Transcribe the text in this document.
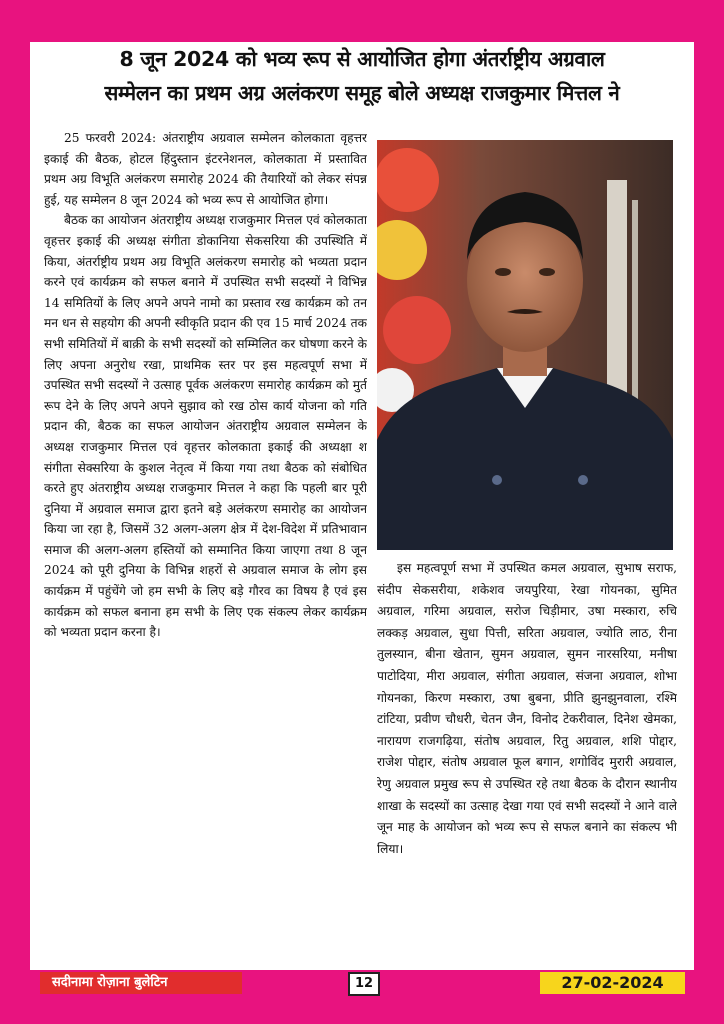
8 जून 2024 को भव्य रूप से आयोजित होगा अंतर्राष्ट्रीय अग्रवाल
सम्मेलन का प्रथम अग्र अलंकरण समूह बोले अध्यक्ष राजकुमार मित्तल ने

25 फरवरी 2024: अंतराष्ट्रीय अग्रवाल सम्मेलन कोलकाता वृहत्तर इकाई की बैठक, होटल हिंदुस्तान इंटरनेशनल, कोलकाता में प्रस्तावित प्रथम अग्र विभूति अलंकरण समारोह 2024 की तैयारियों को लेकर संपन्न हुई, यह सम्मेलन 8 जून 2024 को भव्य रूप से आयोजित होगा।

बैठक का आयोजन अंतराष्ट्रीय अध्यक्ष राजकुमार मित्तल एवं कोलकाता वृहत्तर इकाई की अध्यक्ष संगीता डोकानिया सेकसरिया की उपस्थिति में किया, अंतर्राष्ट्रीय प्रथम अग्र विभूति अलंकरण समारोह को भव्यता प्रदान करने एवं कार्यक्रम को सफल बनाने में उपस्थित सभी सदस्यों ने विभिन्न 14 समितियों के लिए अपने अपने नामो का प्रस्ताव रख कार्यक्रम को तन मन धन से सहयोग की अपनी स्वीकृति प्रदान की एव 15 मार्च 2024 तक सभी समितियों में बाक़ी के सभी सदस्यों को सम्मिलित कर घोषणा करने के लिए अपना अनुरोध रखा, प्राथमिक स्तर पर इस महत्वपूर्ण सभा में उपस्थित सभी सदस्यों ने उत्साह पूर्वक अलंकरण समारोह कार्यक्रम को मुर्त रूप देने के लिए अपने अपने सुझाव को रख ठोस कार्य योजना को गति प्रदान की, बैठक का सफल आयोजन अंतराष्ट्रीय अग्रवाल सम्मेलन के अध्यक्ष राजकुमार मित्तल एवं वृहत्तर कोलकाता इकाई की अध्यक्षा श संगीता सेक्सरिया के कुशल नेतृत्व में किया गया तथा बैठक को संबोधित करते हुए अंतराष्ट्रीय अध्यक्ष राजकुमार मित्तल ने कहा कि पहली बार पूरी दुनिया में अग्रवाल समाज द्वारा इतने बड़े अलंकरण समारोह का आयोजन किया जा रहा है, जिसमें 32 अलग-अलग क्षेत्र में देश-विदेश में प्रतिभावान समाज की अलग-अलग हस्तियों को सम्मानित किया जाएगा तथा 8 जून 2024 को पूरी दुनिया के विभिन्न शहरों से अग्रवाल समाज के लोग इस कार्यक्रम में पहुंचेंगे जो हम सभी के लिए बड़े गौरव का विषय है एवं इस कार्यक्रम को सफल बनाना हम सभी के लिए एक संकल्प लेकर कार्यक्रम को भव्यता प्रदान करना है।

इस महत्वपूर्ण सभा में उपस्थित कमल अग्रवाल, सुभाष सराफ, संदीप सेकसरीया, शकेशव जयपुरिया, रेखा गोयनका, सुमित अग्रवाल, गरिमा अग्रवाल, सरोज चिड़ीमार, उषा मस्कारा, रुचि लक्कड़ अग्रवाल, सुधा पित्ती, सरिता अग्रवाल, ज्योति लाठ, रीना तुलस्यान, बीना खेतान, सुमन अग्रवाल, सुमन नारसरिया, मनीषा पाटोदिया, मीरा अग्रवाल, संगीता अग्रवाल, संजना अग्रवाल, शोभा गोयनका, किरण मस्कारा, उषा बुबना, प्रीति झुनझुनवाला, रश्मि टांटिया, प्रवीण चौधरी, चेतन जैन, विनोद टेकरीवाल, दिनेश खेमका, नारायण राजगढ़िया, संतोष अग्रवाल, रितु अग्रवाल, शशि पोद्दार, राजेश पोद्दार, संतोष अग्रवाल फूल बगान, शगोविंद मुरारी अग्रवाल, रेणु अग्रवाल प्रमुख रूप से उपस्थित रहे तथा बैठक के दौरान स्थानीय शाखा के सदस्यों का उत्साह देखा गया एवं सभी सदस्यों ने आने वाले जून माह के आयोजन को भव्य रूप से सफल बनाने का संकल्प भी लिया।

सदीनामा रोज़ाना बुलेटिन	12	27-02-2024
